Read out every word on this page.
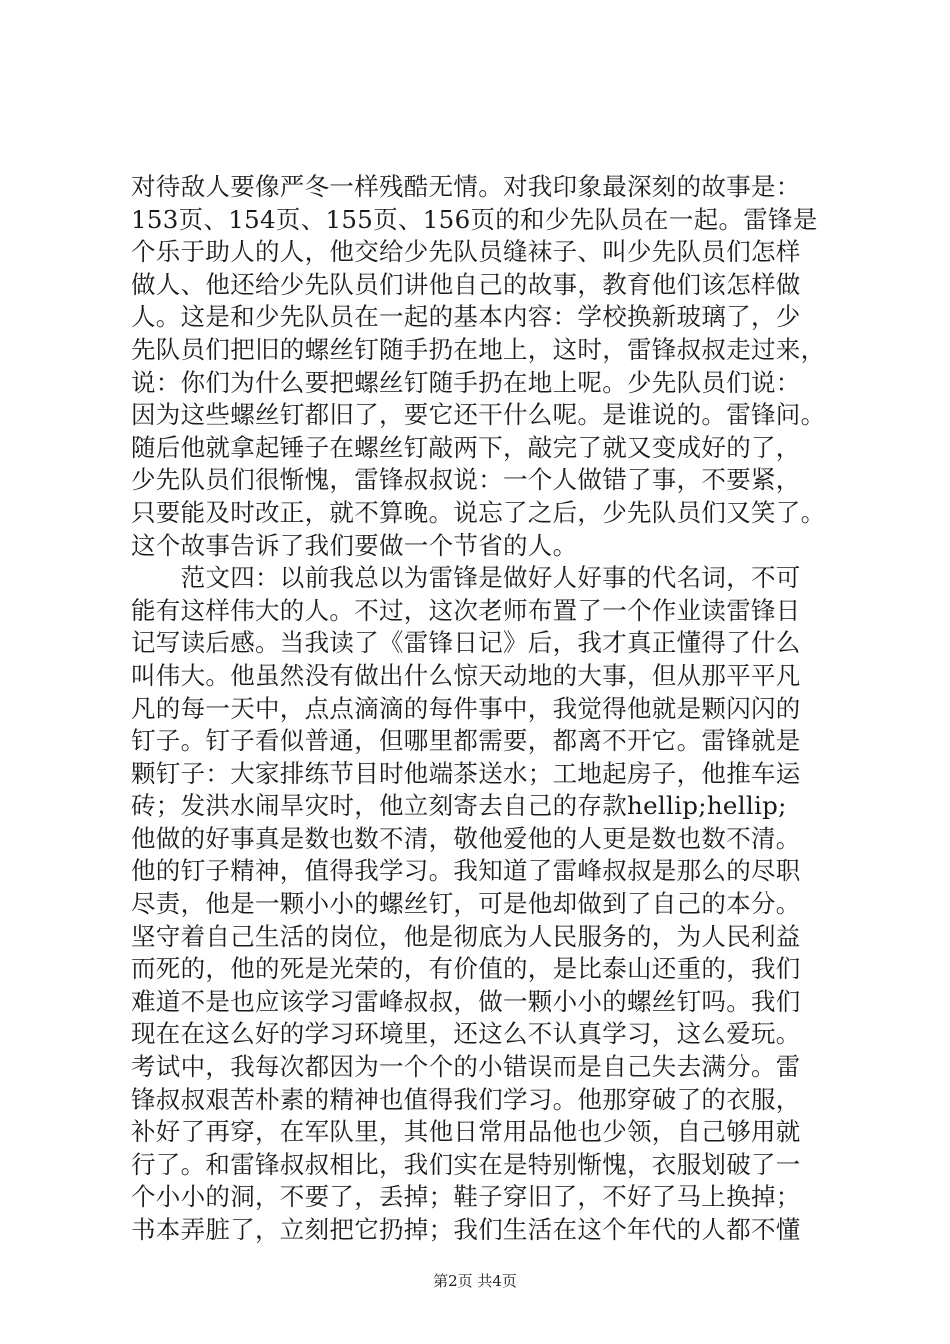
对待敌人要像严冬一样残酷无情。对我印象最深刻的故事是：
153页、154页、155页、156页的和少先队员在一起。雷锋是
个乐于助人的人，他交给少先队员缝袜子、叫少先队员们怎样
做人、他还给少先队员们讲他自己的故事，教育他们该怎样做
人。这是和少先队员在一起的基本内容：学校换新玻璃了，少
先队员们把旧的螺丝钉随手扔在地上，这时，雷锋叔叔走过来，
说：你们为什么要把螺丝钉随手扔在地上呢。少先队员们说：
因为这些螺丝钉都旧了，要它还干什么呢。是谁说的。雷锋问。
随后他就拿起锤子在螺丝钉敲两下，敲完了就又变成好的了，
少先队员们很惭愧，雷锋叔叔说：一个人做错了事，不要紧，
只要能及时改正，就不算晚。说忘了之后，少先队员们又笑了。
这个故事告诉了我们要做一个节省的人。
　　范文四：以前我总以为雷锋是做好人好事的代名词，不可
能有这样伟大的人。不过，这次老师布置了一个作业读雷锋日
记写读后感。当我读了《雷锋日记》后，我才真正懂得了什么
叫伟大。他虽然没有做出什么惊天动地的大事，但从那平平凡
凡的每一天中，点点滴滴的每件事中，我觉得他就是颗闪闪的
钉子。钉子看似普通，但哪里都需要，都离不开它。雷锋就是
颗钉子：大家排练节目时他端茶送水；工地起房子，他推车运
砖；发洪水闹旱灾时，他立刻寄去自己的存款hellip;hellip;
他做的好事真是数也数不清，敬他爱他的人更是数也数不清。
他的钉子精神，值得我学习。我知道了雷峰叔叔是那么的尽职
尽责，他是一颗小小的螺丝钉，可是他却做到了自己的本分。
坚守着自己生活的岗位，他是彻底为人民服务的，为人民利益
而死的，他的死是光荣的，有价值的，是比泰山还重的，我们
难道不是也应该学习雷峰叔叔，做一颗小小的螺丝钉吗。我们
现在在这么好的学习环境里，还这么不认真学习，这么爱玩。
考试中，我每次都因为一个个的小错误而是自己失去满分。雷
锋叔叔艰苦朴素的精神也值得我们学习。他那穿破了的衣服，
补好了再穿，在军队里，其他日常用品他也少领，自己够用就
行了。和雷锋叔叔相比，我们实在是特别惭愧，衣服划破了一
个小小的洞，不要了，丢掉；鞋子穿旧了，不好了马上换掉；
书本弄脏了，立刻把它扔掉；我们生活在这个年代的人都不懂
第2页 共4页
